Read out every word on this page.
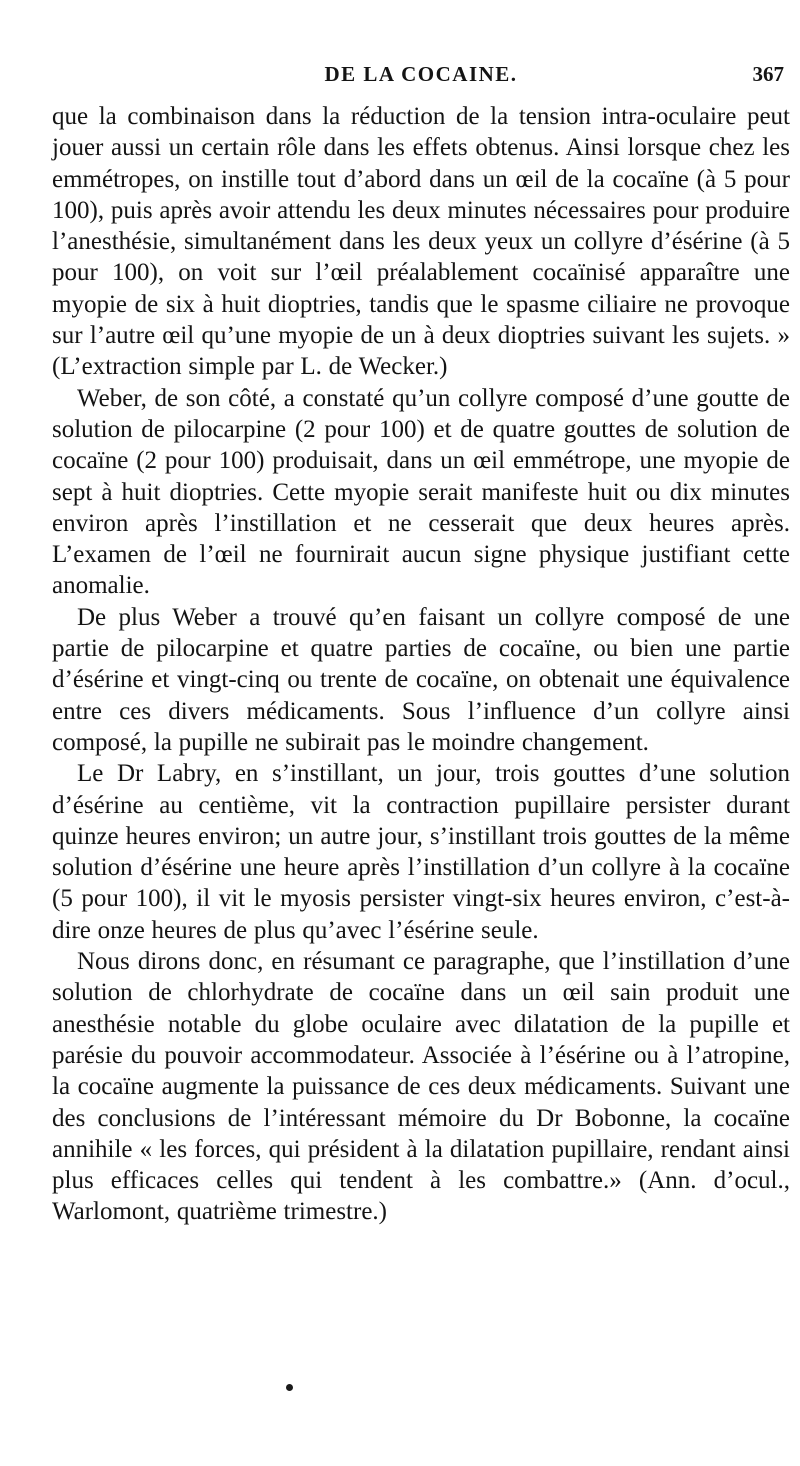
DE LA COCAINE.	367

que la combinaison dans la réduction de la tension intra-oculaire peut jouer aussi un certain rôle dans les effets obtenus. Ainsi lorsque chez les emmétropes, on instille tout d’abord dans un œil de la cocaïne (à 5 pour 100), puis après avoir attendu les deux minutes nécessaires pour produire l’anesthésie, simultanément dans les deux yeux un collyre d’ésérine (à 5 pour 100), on voit sur l’œil préalablement cocaïnisé apparaître une myopie de six à huit dioptries, tandis que le spasme ciliaire ne provoque sur l’autre œil qu’une myopie de un à deux dioptries suivant les sujets. » (L’extraction simple par L. de Wecker.)

Weber, de son côté, a constaté qu’un collyre composé d’une goutte de solution de pilocarpine (2 pour 100) et de quatre gouttes de solution de cocaïne (2 pour 100) produisait, dans un œil emmétrope, une myopie de sept à huit dioptries. Cette myopie serait manifeste huit ou dix minutes environ après l’instillation et ne cesserait que deux heures après. L’examen de l’œil ne fournirait aucun signe physique justifiant cette anomalie.

De plus Weber a trouvé qu’en faisant un collyre composé de une partie de pilocarpine et quatre parties de cocaïne, ou bien une partie d’ésérine et vingt-cinq ou trente de cocaïne, on obtenait une équivalence entre ces divers médicaments. Sous l’influence d’un collyre ainsi composé, la pupille ne subirait pas le moindre changement.

Le Dr Labry, en s’instillant, un jour, trois gouttes d’une solution d’ésérine au centième, vit la contraction pupillaire persister durant quinze heures environ; un autre jour, s’instillant trois gouttes de la même solution d’ésérine une heure après l’instillation d’un collyre à la cocaïne (5 pour 100), il vit le myosis persister vingt-six heures environ, c’est-à-dire onze heures de plus qu’avec l’ésérine seule.

Nous dirons donc, en résumant ce paragraphe, que l’instillation d’une solution de chlorhydrate de cocaïne dans un œil sain produit une anesthésie notable du globe oculaire avec dilatation de la pupille et parésie du pouvoir accommodateur. Associée à l’ésérine ou à l’atropine, la cocaïne augmente la puissance de ces deux médicaments. Suivant une des conclusions de l’intéressant mémoire du Dr Bobonne, la cocaïne annihile « les forces, qui président à la dilatation pupillaire, rendant ainsi plus efficaces celles qui tendent à les combattre.» (Ann. d’ocul., Warlomont, quatrième trimestre.)
